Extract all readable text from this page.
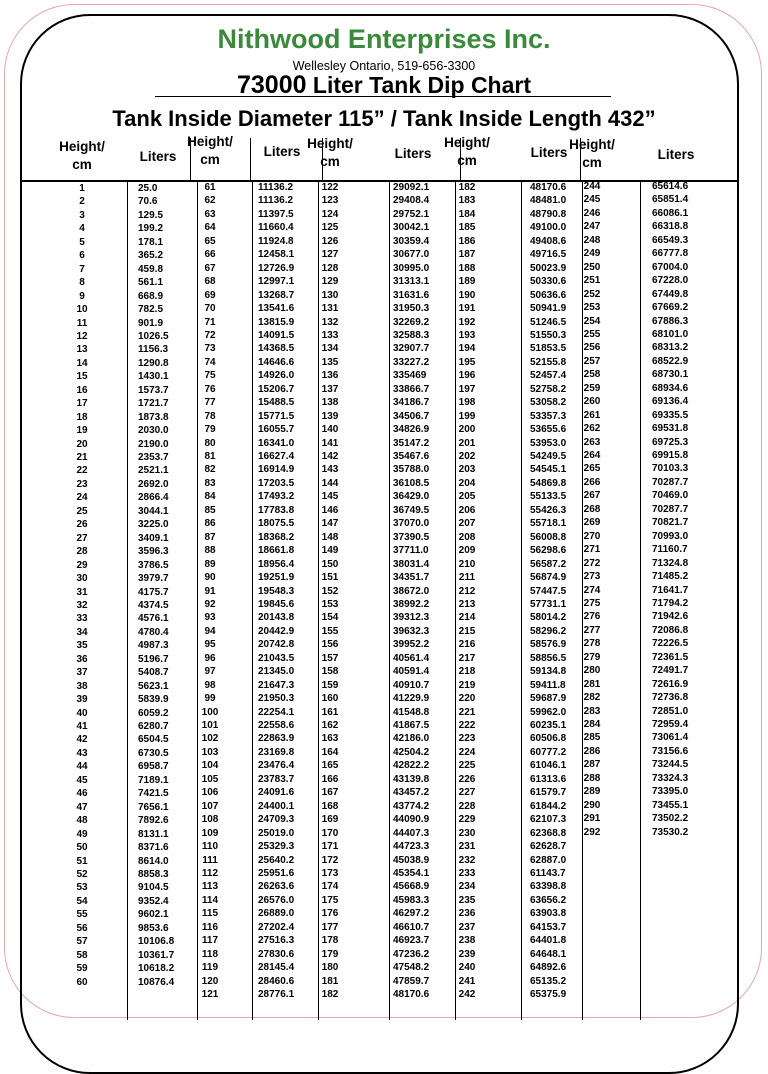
Nithwood Enterprises Inc.
Wellesley Ontario, 519-656-3300
73000 Liter Tank Dip Chart
Tank Inside Diameter 115” / Tank Inside Length 432”
Height/
cm
Liters
1	25.0
2	70.6
3	129.5
4	199.2
5	178.1
6	365.2
7	459.8
8	561.1
9	668.9
10	782.5
11	901.9
12	1026.5
13	1156.3
14	1290.8
15	1430.1
16	1573.7
17	1721.7
18	1873.8
19	2030.0
20	2190.0
21	2353.7
22	2521.1
23	2692.0
24	2866.4
25	3044.1
26	3225.0
27	3409.1
28	3596.3
29	3786.5
30	3979.7
31	4175.7
32	4374.5
33	4576.1
34	4780.4
35	4987.3
36	5196.7
37	5408.7
38	5623.1
39	5839.9
40	6059.2
41	6280.7
42	6504.5
43	6730.5
44	6958.7
45	7189.1
46	7421.5
47	7656.1
48	7892.6
49	8131.1
50	8371.6
51	8614.0
52	8858.3
53	9104.5
54	9352.4
55	9602.1
56	9853.6
57	10106.8
58	10361.7
59	10618.2
60	10876.4
Height/
cm
Liters
61	11136.2
62	11136.2
63	11397.5
64	11660.4
65	11924.8
66	12458.1
67	12726.9
68	12997.1
69	13268.7
70	13541.6
71	13815.9
72	14091.5
73	14368.5
74	14646.6
75	14926.0
76	15206.7
77	15488.5
78	15771.5
79	16055.7
80	16341.0
81	16627.4
82	16914.9
83	17203.5
84	17493.2
85	17783.8
86	18075.5
87	18368.2
88	18661.8
89	18956.4
90	19251.9
91	19548.3
92	19845.6
93	20143.8
94	20442.9
95	20742.8
96	21043.5
97	21345.0
98	21647.3
99	21950.3
100	22254.1
101	22558.6
102	22863.9
103	23169.8
104	23476.4
105	23783.7
106	24091.6
107	24400.1
108	24709.3
109	25019.0
110	25329.3
111	25640.2
112	25951.6
113	26263.6
114	26576.0
115	26889.0
116	27202.4
117	27516.3
118	27830.6
119	28145.4
120	28460.6
121	28776.1
Height/
cm
Liters
122	29092.1
123	29408.4
124	29752.1
125	30042.1
126	30359.4
127	30677.0
128	30995.0
129	31313.1
130	31631.6
131	31950.3
132	32269.2
133	32588.3
134	32907.7
135	33227.2
136	335469
137	33866.7
138	34186.7
139	34506.7
140	34826.9
141	35147.2
142	35467.6
143	35788.0
144	36108.5
145	36429.0
146	36749.5
147	37070.0
148	37390.5
149	37711.0
150	38031.4
151	34351.7
152	38672.0
153	38992.2
154	39312.3
155	39632.3
156	39952.2
157	40561.4
158	40591.4
159	40910.7
160	41229.9
161	41548.8
162	41867.5
163	42186.0
164	42504.2
165	42822.2
166	43139.8
167	43457.2
168	43774.2
169	44090.9
170	44407.3
171	44723.3
172	45038.9
173	45354.1
174	45668.9
175	45983.3
176	46297.2
177	46610.7
178	46923.7
179	47236.2
180	47548.2
181	47859.7
182	48170.6
Height/
cm
Liters
182	48170.6
183	48481.0
184	48790.8
185	49100.0
186	49408.6
187	49716.5
188	50023.9
189	50330.6
190	50636.6
191	50941.9
192	51246.5
193	51550.3
194	51853.5
195	52155.8
196	52457.4
197	52758.2
198	53058.2
199	53357.3
200	53655.6
201	53953.0
202	54249.5
203	54545.1
204	54869.8
205	55133.5
206	55426.3
207	55718.1
208	56008.8
209	56298.6
210	56587.2
211	56874.9
212	57447.5
213	57731.1
214	58014.2
215	58296.2
216	58576.9
217	58856.5
218	59134.8
219	59411.8
220	59687.9
221	59962.0
222	60235.1
223	60506.8
224	60777.2
225	61046.1
226	61313.6
227	61579.7
228	61844.2
229	62107.3
230	62368.8
231	62628.7
232	62887.0
233	61143.7
234	63398.8
235	63656.2
236	63903.8
237	64153.7
238	64401.8
239	64648.1
240	64892.6
241	65135.2
242	65375.9
Height/
cm
Liters
244	65614.6
245	65851.4
246	66086.1
247	66318.8
248	66549.3
249	66777.8
250	67004.0
251	67228.0
252	67449.8
253	67669.2
254	67886.3
255	68101.0
256	68313.2
257	68522.9
258	68730.1
259	68934.6
260	69136.4
261	69335.5
262	69531.8
263	69725.3
264	69915.8
265	70103.3
266	70287.7
267	70469.0
268	70287.7
269	70821.7
270	70993.0
271	71160.7
272	71324.8
273	71485.2
274	71641.7
275	71794.2
276	71942.6
277	72086.8
278	72226.5
279	72361.5
280	72491.7
281	72616.9
282	72736.8
283	72851.0
284	72959.4
285	73061.4
286	73156.6
287	73244.5
288	73324.3
289	73395.0
290	73455.1
291	73502.2
292	73530.2
